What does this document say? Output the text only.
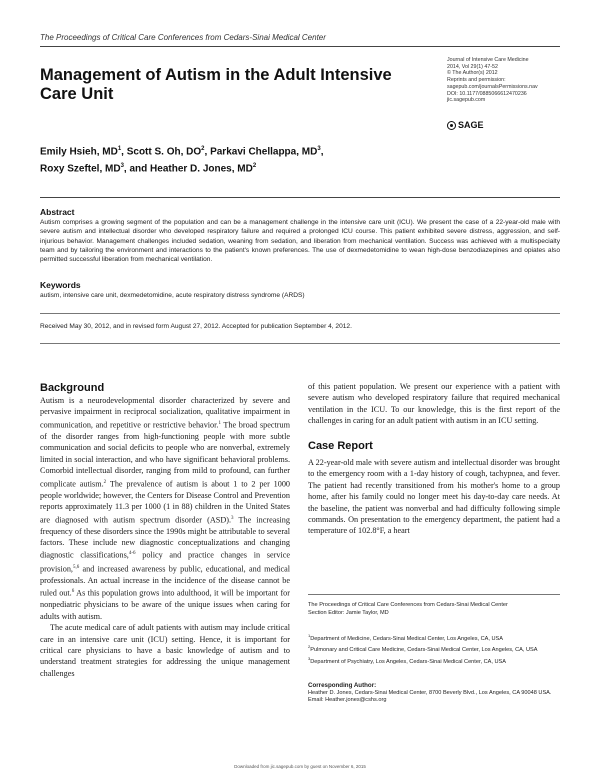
The Proceedings of Critical Care Conferences from Cedars-Sinai Medical Center
Management of Autism in the Adult Intensive Care Unit
Journal of Intensive Care Medicine
2014, Vol 29(1) 47-52
© The Author(s) 2012
Reprints and permission:
sagepub.com/journalsPermissions.nav
DOI: 10.1177/0885066612470236
jic.sagepub.com
SAGE
Emily Hsieh, $MD^1$, Scott S. Oh, $DO^2$, Parkavi Chellappa, $MD^3$,
Roxy Szeftel, $MD^3$, and Heather D. Jones, $MD^2$
Abstract
Autism comprises a growing segment of the population and can be a management challenge in the intensive care unit (ICU). We present the case of a 22-year-old male with severe autism and intellectual disorder who developed respiratory failure and required a prolonged ICU course. This patient exhibited severe distress, aggression, and self-injurious behavior. Management challenges included sedation, weaning from sedation, and liberation from mechanical ventilation. Success was achieved with a multispecialty team and by tailoring the environment and interactions to the patient's known preferences. The use of dexmedetomidine to wean high-dose benzodiazepines and opiates also permitted successful liberation from mechanical ventilation.
Keywords
autism, intensive care unit, dexmedetomidine, acute respiratory distress syndrome (ARDS)
Received May 30, 2012, and in revised form August 27, 2012. Accepted for publication September 4, 2012.
Background

Autism is a neurodevelopmental disorder characterized by severe and pervasive impairment in reciprocal socialization, qualitative impairment in communication, and repetitive or restrictive behavior.$^1$ The broad spectrum of the disorder ranges from high-functioning people with more subtle communication and social deficits to people who are nonverbal, extremely limited in social interaction, and who have significant behavioral problems. Comorbid intellectual disorder, ranging from mild to profound, can further complicate autism.$^2$ The prevalence of autism is about 1 to 2 per 1000 people worldwide; however, the Centers for Disease Control and Prevention reports approximately 11.3 per 1000 (1 in 88) children in the United States are diagnosed with autism spectrum disorder (ASD).$^3$ The increasing frequency of these disorders since the 1990s might be attributable to several factors. These include new diagnostic conceptualizations and changing diagnostic classifications,$^{4-6}$ policy and practice changes in service provision,$^{5,6}$ and increased awareness by public, educational, and medical professionals. An actual increase in the incidence of the disease cannot be ruled out.$^6$ As this population grows into adulthood, it will be important for nonpediatric physicians to be aware of the unique issues when caring for adults with autism.

The acute medical care of adult patients with autism may include critical care in an intensive care unit (ICU) setting. Hence, it is important for critical care physicians to have a basic knowledge of autism and to understand treatment strategies for addressing the unique management challenges

of this patient population. We present our experience with a patient with severe autism who developed respiratory failure that required mechanical ventilation in the ICU. To our knowledge, this is the first report of the challenges in caring for an adult patient with autism in an ICU setting.

Case Report

A 22-year-old male with severe autism and intellectual disorder was brought to the emergency room with a 1-day history of cough, tachypnea, and fever. The patient had recently transitioned from his mother's home to a group home, after his family could no longer meet his day-to-day care needs. At the baseline, the patient was nonverbal and had difficulty following simple commands. On presentation to the emergency department, the patient had a temperature of 102.8°F, a heart

The Proceedings of Critical Care Conferences from Cedars-Sinai Medical Center
Section Editor: Jamie Taylor, MD
$^1$Department of Medicine, Cedars-Sinai Medical Center, Los Angeles, CA, USA
$^2$Pulmonary and Critical Care Medicine, Cedars-Sinai Medical Center, Los Angeles, CA, USA
$^3$Department of Psychiatry, Los Angeles, Cedars-Sinai Medical Center, CA, USA
Corresponding Author:
Heather D. Jones, Cedars-Sinai Medical Center, 8700 Beverly Blvd., Los Angeles, CA 90048 USA.
Email: Heather.jones@cshs.org
Downloaded from jic.sagepub.com by guest on November 6, 2015
